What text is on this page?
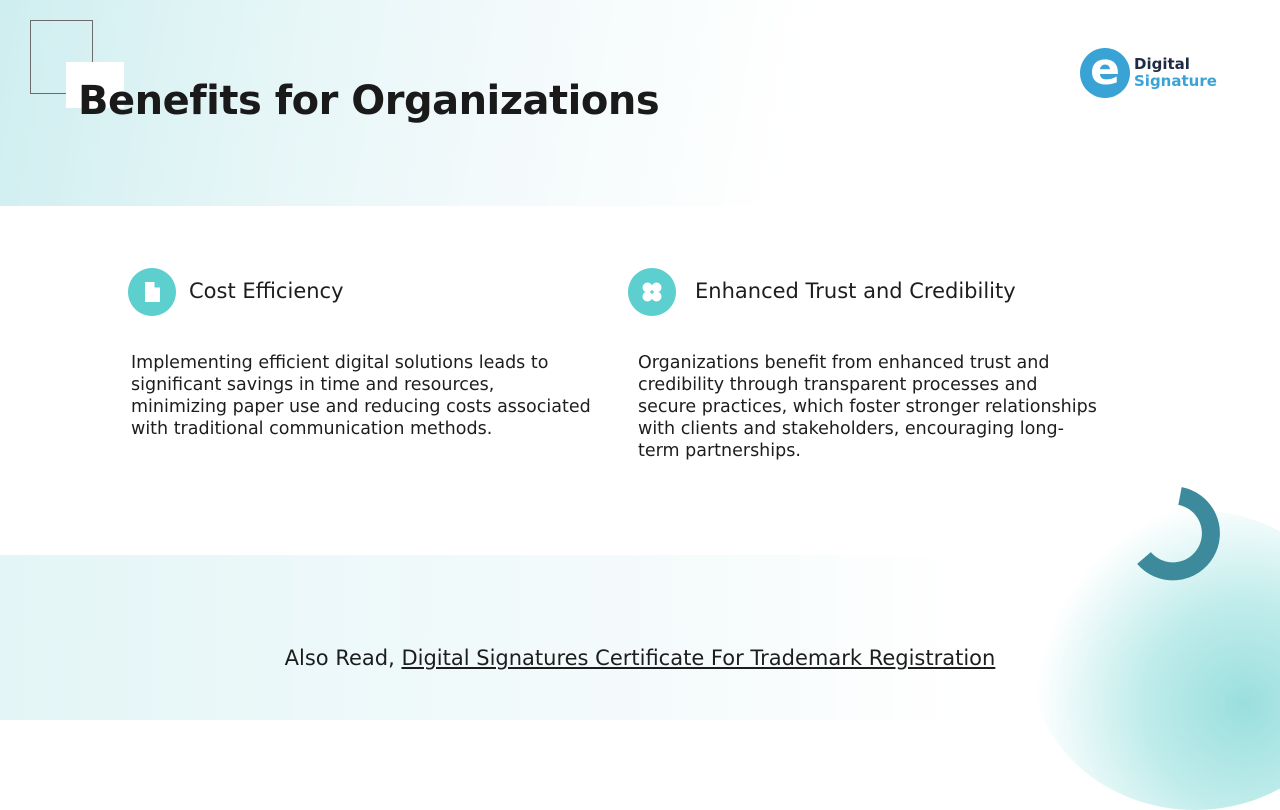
Benefits for Organizations
e Digital
Signature
Cost Efficiency

Implementing efficient digital solutions leads to significant savings in time and resources, minimizing paper use and reducing costs associated with traditional communication methods.

Enhanced Trust and Credibility

Organizations benefit from enhanced trust and credibility through transparent processes and secure practices, which foster stronger relationships with clients and stakeholders, encouraging long- term partnerships.

Also Read, Digital Signatures Certificate For Trademark Registration
